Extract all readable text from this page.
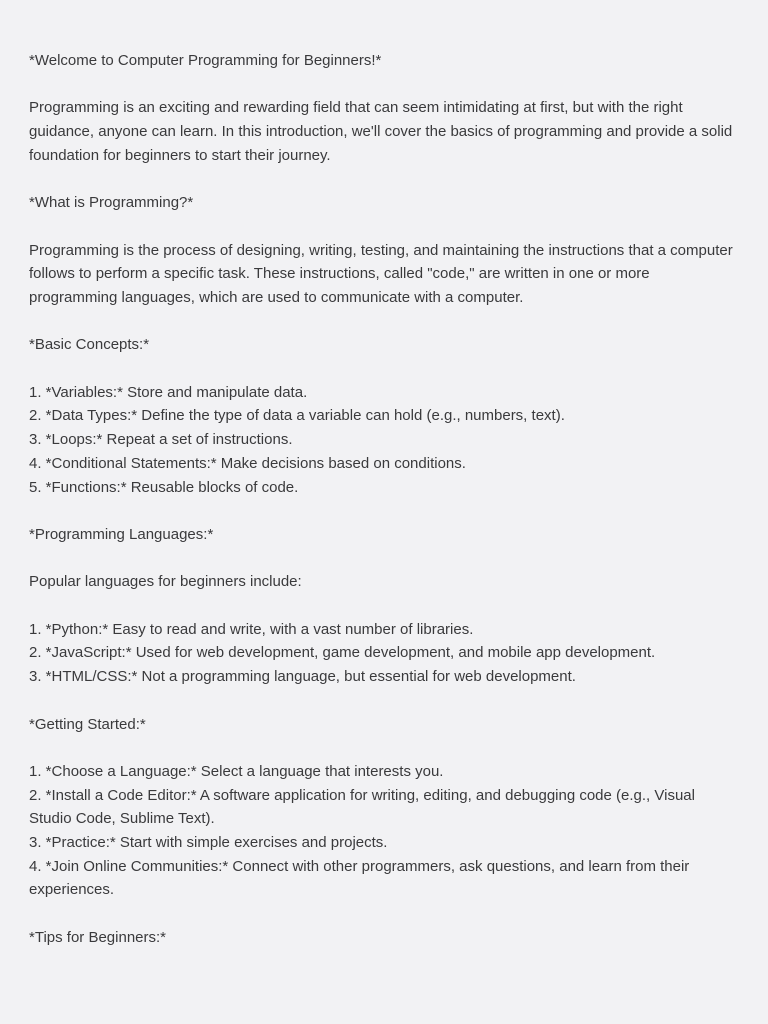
*Welcome to Computer Programming for Beginners!*

Programming is an exciting and rewarding field that can seem intimidating at first, but with the right guidance, anyone can learn. In this introduction, we'll cover the basics of programming and provide a solid foundation for beginners to start their journey.

*What is Programming?*

Programming is the process of designing, writing, testing, and maintaining the instructions that a computer follows to perform a specific task. These instructions, called "code," are written in one or more programming languages, which are used to communicate with a computer.

*Basic Concepts:*

1. *Variables:* Store and manipulate data.
2. *Data Types:* Define the type of data a variable can hold (e.g., numbers, text).
3. *Loops:* Repeat a set of instructions.
4. *Conditional Statements:* Make decisions based on conditions.
5. *Functions:* Reusable blocks of code.

*Programming Languages:*

Popular languages for beginners include:

1. *Python:* Easy to read and write, with a vast number of libraries.
2. *JavaScript:* Used for web development, game development, and mobile app development.
3. *HTML/CSS:* Not a programming language, but essential for web development.

*Getting Started:*

1. *Choose a Language:* Select a language that interests you.
2. *Install a Code Editor:* A software application for writing, editing, and debugging code (e.g., Visual Studio Code, Sublime Text).
3. *Practice:* Start with simple exercises and projects.
4. *Join Online Communities:* Connect with other programmers, ask questions, and learn from their experiences.

*Tips for Beginners:*
